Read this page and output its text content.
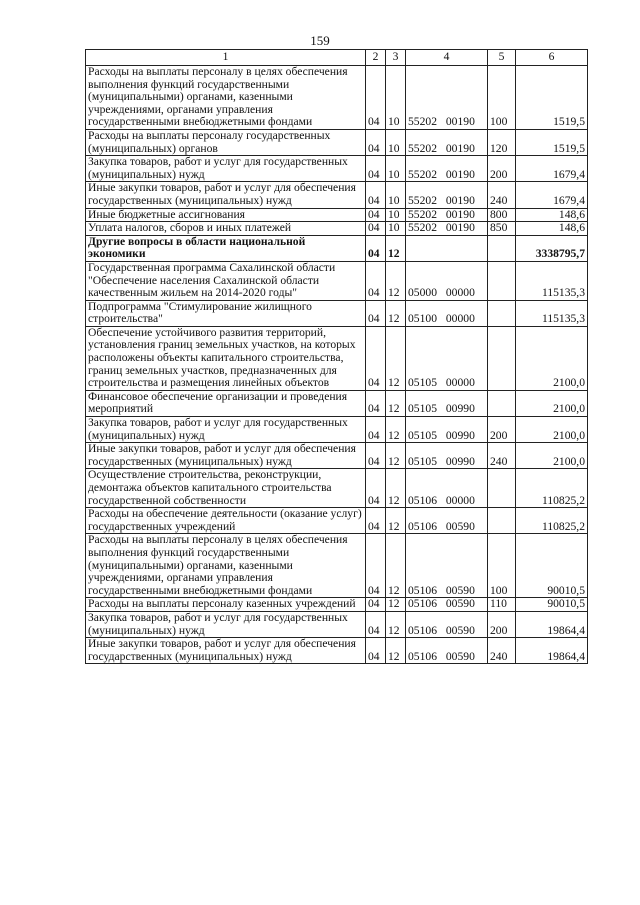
159
1	2	3	4	5	6
Расходы на выплаты персоналу в целях обеспечения выполнения функций государственными (муниципальными) органами, казенными учреждениями, органами управления государственными внебюджетными фондами	04	10	55202 00190	100	1519,5
Расходы на выплаты персоналу государственных (муниципальных) органов	04	10	55202 00190	120	1519,5
Закупка товаров, работ и услуг для государственных (муниципальных) нужд	04	10	55202 00190	200	1679,4
Иные закупки товаров, работ и услуг для обеспечения государственных (муниципальных) нужд	04	10	55202 00190	240	1679,4
Иные бюджетные ассигнования	04	10	55202 00190	800	148,6
Уплата налогов, сборов и иных платежей	04	10	55202 00190	850	148,6
Другие вопросы в области национальной экономики	04	12			3338795,7
Государственная программа Сахалинской области "Обеспечение населения Сахалинской области качественным жильем на 2014-2020 годы"	04	12	05000 00000		115135,3
Подпрограмма "Стимулирование жилищного строительства"	04	12	05100 00000		115135,3
Обеспечение устойчивого развития территорий, установления границ земельных участков, на которых расположены объекты капитального строительства, границ земельных участков, предназначенных для строительства и размещения линейных объектов	04	12	05105 00000		2100,0
Финансовое обеспечение организации и проведения мероприятий	04	12	05105 00990		2100,0
Закупка товаров, работ и услуг для государственных (муниципальных) нужд	04	12	05105 00990	200	2100,0
Иные закупки товаров, работ и услуг для обеспечения государственных (муниципальных) нужд	04	12	05105 00990	240	2100,0
Осуществление строительства, реконструкции, демонтажа объектов капитального строительства государственной собственности	04	12	05106 00000		110825,2
Расходы на обеспечение деятельности (оказание услуг) государственных учреждений	04	12	05106 00590		110825,2
Расходы на выплаты персоналу в целях обеспечения выполнения функций государственными (муниципальными) органами, казенными учреждениями, органами управления государственными внебюджетными фондами	04	12	05106 00590	100	90010,5
Расходы на выплаты персоналу казенных учреждений	04	12	05106 00590	110	90010,5
Закупка товаров, работ и услуг для государственных (муниципальных) нужд	04	12	05106 00590	200	19864,4
Иные закупки товаров, работ и услуг для обеспечения государственных (муниципальных) нужд	04	12	05106 00590	240	19864,4
